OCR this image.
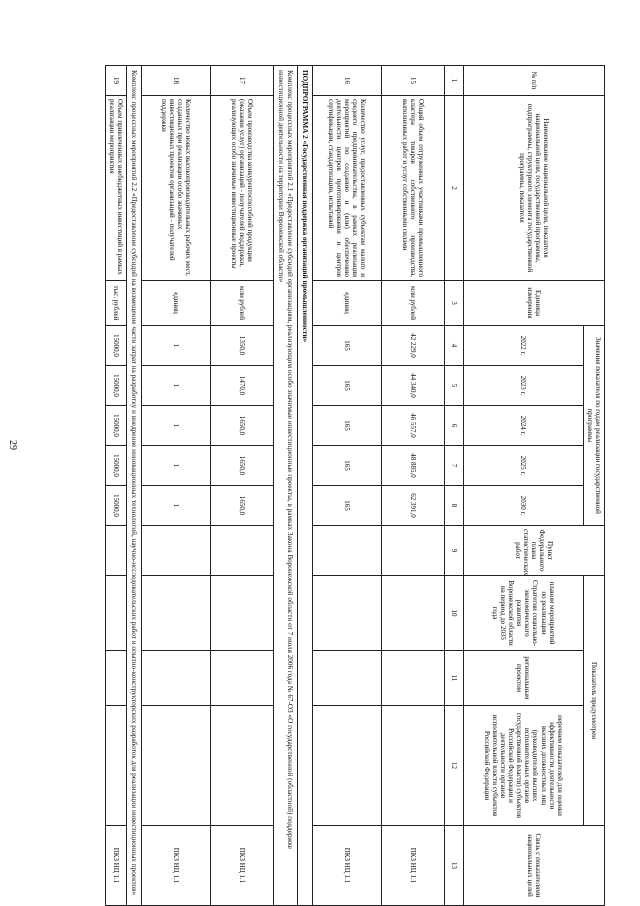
29
№ п/п	Наименование национальной цели, показателя национальной цели, государственной программы, подпрограммы, структурного элемента государственной программы, показателя	Единица измерения	Значения показателя по годам реализации государственной программы					Пункт Федерального плана статистических работ	Показатель предусмотрен			Связь с показателями национальных целей
			2022 г.	2023 г.	2024 г.	2025 г.	2030 г.		планом мероприятий по реализации Стратегии социально-экономического развития Воронежской области на период до 2035 года	региональным проектом	перечнем показателей для оценки эффективности деятельности высших должностных лиц (руководителей высших исполнительных органов государственной власти) субъектов Российской Федерации и деятельности органов исполнительной власти субъектов Российской Федерации	
1	2	3	4	5	6	7	8	9	10	11	12	13
15	Общий объем отгруженных участниками промышленного кластера товаров собственного производства, выполненных работ и услуг собственными силами	млн рублей	42 229,0	44 340,0	46 557,0	48 885,0	62 391,0					ПКЗ НЦ 1.1
16	Количество услуг, предоставленных субъектам малого и среднего предпринимательства, в рамках реализации мероприятий по созданию и (или) обеспечению деятельности центров прототипирования и центров сертификации, стандартизации, испытаний	единиц	165	165	165	165	165					ПКЗ НЦ 1.1
ПОДПРОГРАММА 2 «Государственная поддержка организаций промышленности»												
Комплекс процессных мероприятий 2.1 «Предоставление субсидий организациям, реализующим особо значимые инвестиционные проекты, в рамках Закона Воронежской области от 7 июля 2006 года № 67-ОЗ «О государственной (областной) поддержке инвестиционной деятельности на территории Воронежской области»												
17	Объем производства конкурентоспособной продукции (оказания услуг) организаций - получателей поддержки, реализующих особо значимые инвестиционные проекты	млн рублей	1350,0	1470,0	1650,0	1650,0	1650,0					ПКЗ НЦ 1.1
18	Количество новых высокопроизводительных рабочих мест, созданных при реализации особо значимых инвестиционных проектов организаций - получателей поддержки	единиц	1	1	1	1	1					ПКЗ НЦ 1.1
Комплекс процессных мероприятий 2.2 «Предоставление субсидий на возмещение части затрат на разработку и внедрение инновационных технологий, научно-исследовательских работ и опытно-конструкторских разработок для реализации инвестиционных проектов»												
19	Объем привлеченных внебюджетных инвестиций в рамках реализации мероприятия	тыс. рублей	15000,0	15000,0	15000,0	15000,0	15000,0					ПКЗ НЦ 1.1
